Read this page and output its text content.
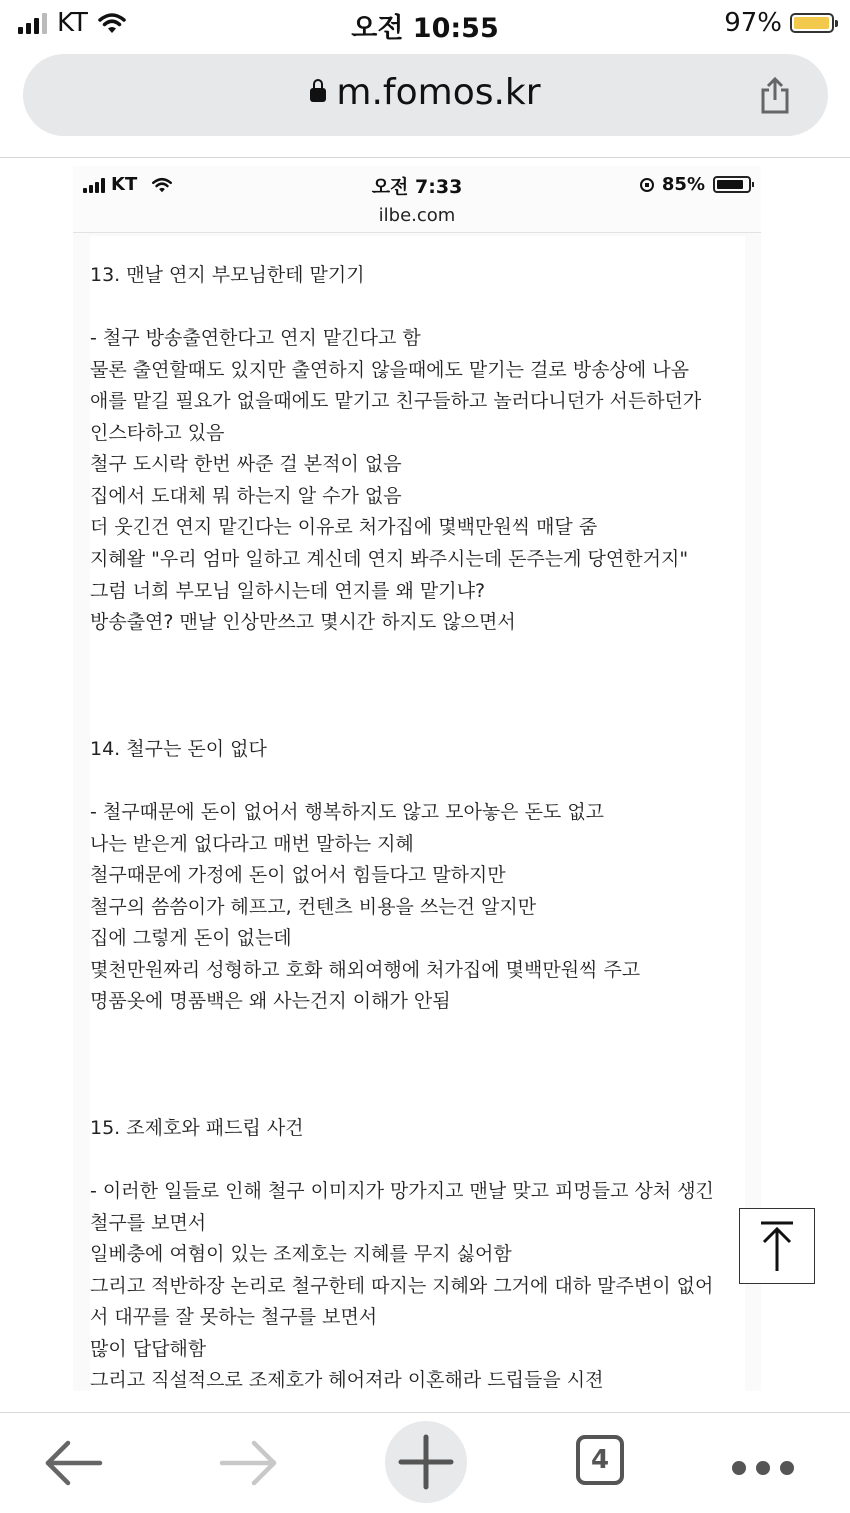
KT	오전 10:55	97%
m.fomos.kr
KT	오전 7:33
ilbe.com
85%
13. 맨날 연지 부모님한테 맡기기
- 철구 방송출연한다고 연지 맡긴다고 함
물론 출연할때도 있지만 출연하지 않을때에도 맡기는 걸로 방송상에 나옴
애를 맡길 필요가 없을때에도 맡기고 친구들하고 놀러다니던가 서든하던가
인스타하고 있음
철구 도시락 한번 싸준 걸 본적이 없음
집에서 도대체 뭐 하는지 알 수가 없음
더 웃긴건 연지 맡긴다는 이유로 처가집에 몇백만원씩 매달 줌
지혜왈 "우리 엄마 일하고 계신데 연지 봐주시는데 돈주는게 당연한거지"
그럼 너희 부모님 일하시는데 연지를 왜 맡기냐?
방송출연? 맨날 인상만쓰고 몇시간 하지도 않으면서
14. 철구는 돈이 없다
- 철구때문에 돈이 없어서 행복하지도 않고 모아놓은 돈도 없고
나는 받은게 없다라고 매번 말하는 지혜
철구때문에 가정에 돈이 없어서 힘들다고 말하지만
철구의 씀씀이가 헤프고, 컨텐츠 비용을 쓰는건 알지만
집에 그렇게 돈이 없는데
몇천만원짜리 성형하고 호화 해외여행에 처가집에 몇백만원씩 주고
명품옷에 명품백은 왜 사는건지 이해가 안됨
15. 조제호와 패드립 사건
- 이러한 일들로 인해 철구 이미지가 망가지고 맨날 맞고 피멍들고 상처 생긴
철구를 보면서
일베충에 여혐이 있는 조제호는 지혜를 무지 싫어함
그리고 적반하장 논리로 철구한테 따지는 지혜와 그거에 대하 말주변이 없어
서 대꾸를 잘 못하는 철구를 보면서
많이 답답해함
그리고 직설적으로 조제호가 헤어져라 이혼해라 드립들을 시젼
4
